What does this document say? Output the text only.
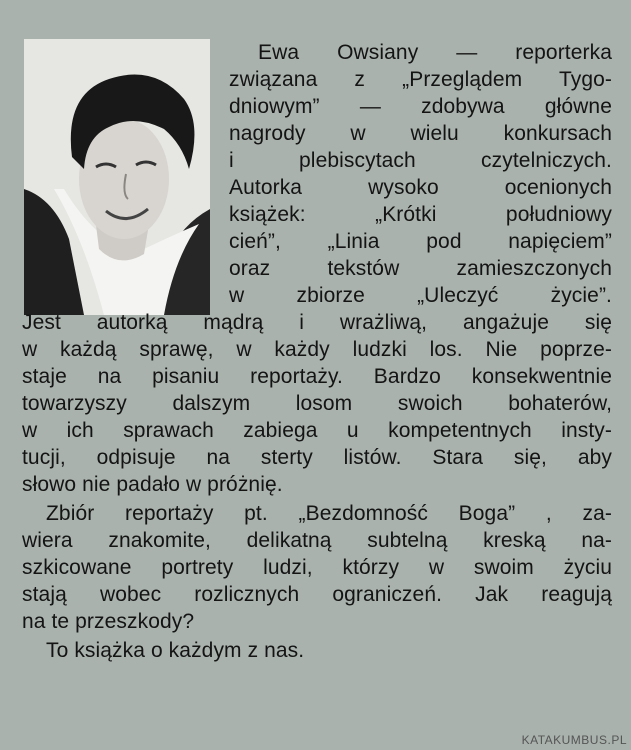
Ewa Owsiany — reporterka
związana z „Przeglądem Tygo-
dniowym” — zdobywa główne
nagrody w wielu konkursach
i plebiscytach czytelniczych.
Autorka wysoko ocenionych
książek: „Krótki południowy
cień”, „Linia pod napięciem”
oraz tekstów zamieszczonych
w zbiorze „Uleczyć życie”.
Jest autorką mądrą i wrażliwą, angażuje się
w każdą sprawę, w każdy ludzki los. Nie poprze-
staje na pisaniu reportaży. Bardzo konsekwentnie
towarzyszy dalszym losom swoich bohaterów,
w ich sprawach zabiega u kompetentnych insty-
tucji, odpisuje na sterty listów. Stara się, aby
słowo nie padało w próżnię.
Zbiór reportaży pt. „Bezdomność Boga” , za-
wiera znakomite, delikatną subtelną kreską na-
szkicowane portrety ludzi, którzy w swoim życiu
stają wobec rozlicznych ograniczeń. Jak reagują
na te przeszkody?
To książka o każdym z nas.
KATAKUMBUS.PL
